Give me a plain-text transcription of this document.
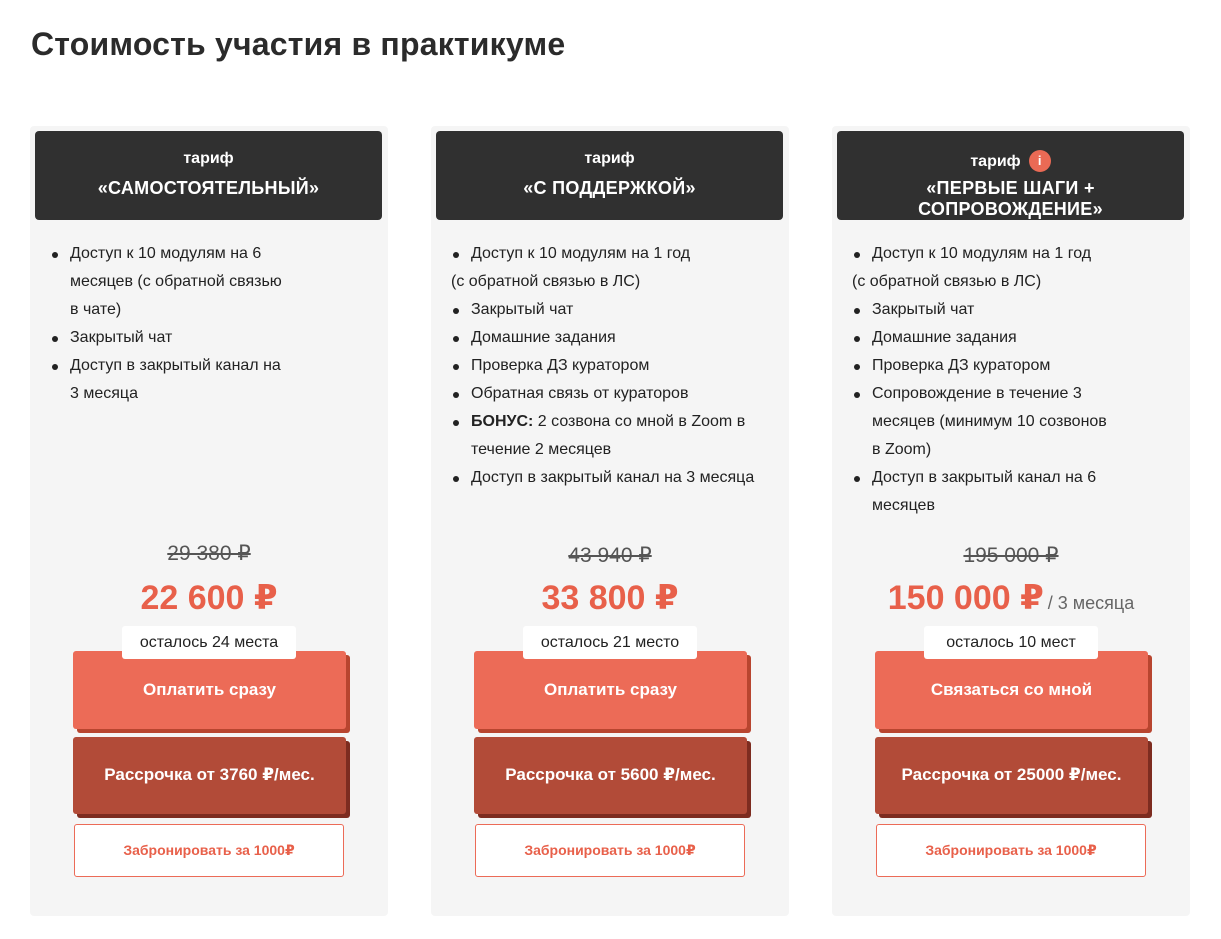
Стоимость участия в практикуме
тариф
«САМОСТОЯТЕЛЬНЫЙ»
Доступ к 10 модулям на 6
месяцев (с обратной связью
в чате)
Закрытый чат
Доступ в закрытый канал на
3 месяца
29 380 ₽
22 600 ₽
осталось 24 места
Оплатить сразу
Рассрочка от 3760 ₽/мес.
Забронировать за 1000₽
тариф
«С ПОДДЕРЖКОЙ»
Доступ к 10 модулям на 1 год
(с обратной связью в ЛС)
Закрытый чат
Домашние задания
Проверка ДЗ куратором
Обратная связь от кураторов
БОНУС: 2 созвона со мной в Zoom в
течение 2 месяцев
Доступ в закрытый канал на 3 месяца
43 940 ₽
33 800 ₽
осталось 21 место
Оплатить сразу
Рассрочка от 5600 ₽/мес.
Забронировать за 1000₽
тариф i
«ПЕРВЫЕ ШАГИ + СОПРОВОЖДЕНИЕ»
Доступ к 10 модулям на 1 год
(с обратной связью в ЛС)
Закрытый чат
Домашние задания
Проверка ДЗ куратором
Сопровождение в течение 3
месяцев (минимум 10 созвонов
в Zoom)
Доступ в закрытый канал на 6
месяцев
195 000 ₽
150 000 ₽ / 3 месяца
осталось 10 мест
Связаться со мной
Рассрочка от 25000 ₽/мес.
Забронировать за 1000₽
